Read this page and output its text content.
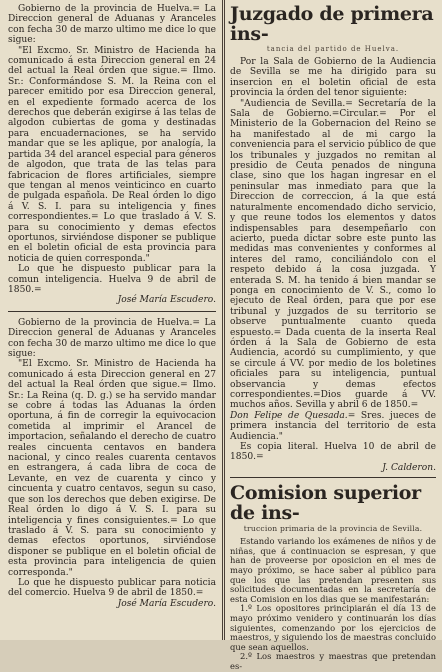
Gobierno de la provincia de Huelva.= La Direccion general de Aduanas y Aranceles con fecha 30 de marzo ultimo me dice lo que sigue:

"El Excmo. Sr. Ministro de Hacienda ha comunicado á esta Direccion general en 24 del actual la Real órden que sigue.= Ilmo. Sr.: Conformándose S. M. la Reina con el parecer emitido por esa Direccion general, en el expediente formado acerca de los derechos que deberán exigirse á las telas de algodon cubiertas de goma y destinadas para encuadernaciones, se ha servido mandar que se les aplique, por analogía, la partida 34 del arancel especial para géneros de algodon, que trata de las telas para fabricacion de flores artificiales, siempre que tengan al menos veinticinco en cuarto de pulgada española. De Real órden lo digo á V. S. I. para su inteligencia y fines correspondientes.= Lo que traslado á V. S. para su conocimiento y demas efectos oportunos, sirviéndose disponer se publique en el boletin oficial de esta provincia para noticia de quien corresponda."

Lo que he dispuesto publicar para la comun inteligencia. Huelva 9 de abril de 1850.=

José María Escudero.

Gobierno de la provincia de Huelva.= La Direccion general de Aduanas y Aranceles con fecha 30 de marzo ultimo me dice lo que sigue:

"El Excmo. Sr. Ministro de Hacienda ha comunicado á esta Direccion general en 27 del actual la Real órden que sigue.= Ilmo. Sr.: La Reina (q. D. g.) se ha servido mandar se cobre á todas las Aduanas la órden oportuna, á fin de corregir la equivocacion cometida al imprimir el Arancel de importacion, señalando el derecho de cuatro reales cincuenta centavos en bandera nacional, y cinco reales cuarenta centavos en estrangera, á cada libra de coca de Levante, en vez de cuarenta y cinco y cincuenta y cuatro centavos, segun su caso, que son los derechos que deben exigirse. De Real órden lo digo á V. S. I. para su inteligencia y fines consiguientes.= Lo que traslado á V. S. para su conocimiento y demas efectos oportunos, sirviéndose disponer se publique en el boletin oficial de esta provincia para inteligencia de quien corresponda."

Lo que he dispuesto publicar para noticia del comercio. Huelva 9 de abril de 1850.=

José María Escudero.

Juzgado de primera ins-
tancia del partido de Huelva.

Por la Sala de Gobierno de la Audiencia de Sevilla se me ha dirigido para su insercion en el boletin oficial de esta provincia la órden del tenor siguiente:

"Audiencia de Sevilla.= Secretaría de la Sala de Gobierno.=Circular.= Por el Ministerio de la Gobernacion del Reino se ha manifestado al de mi cargo la conveniencia para el servicio público de que los tribunales y juzgados no remitan al presidio de Ceuta penados de ninguna clase, sino que los hagan ingresar en el peninsular mas inmediato para que la Direccion de correccion, á la que está naturalmente encomendado dicho servicio, y que reune todos los elementos y datos indispensables para desempeñarlo con acierto, pueda dictar sobre este punto las medidas mas convenientes y conformes al interes del ramo, conciliándolo con el respeto debido á la cosa juzgada. Y enterada S. M. ha tenido á bien mandar se ponga en conocimiento de V. S., como lo ejecuto de Real órden, para que por ese tribunal y juzgados de su territorio se observe puntualmente cuanto queda espuesto.= Dada cuenta de la inserta Real órden á la Sala de Gobierno de esta Audiencia, acordó su cumplimiento, y que se circule á VV. por medio de los boletines oficiales para su inteligencia, puntual observancia y demas efectos correspondientes.=Dios guarde á VV. muchos años. Sevilla y abril 6 de 1850.=

Don Felipe de Quesada.= Sres. jueces de primera instancia del territorio de esta Audiencia."

Es copia literal. Huelva 10 de abril de 1850.=

J. Calderon.

Comision superior de ins-
truccion primaria de la provincia de Sevilla.

Estando variando los exámenes de niños y de niñas, que á continuacion se espresan, y que han de proveerse por oposicion en el mes de mayo próximo, se hace saber al público para que los que las pretendan presenten sus solicitudes documentadas en la secretaría de esta Comision en los dias que se manifestarán:

1.º Los opositores principiarán el día 13 de mayo próximo venidero y continuarán los días siguientes, comenzando por los ejercicios de maestros, y siguiendo los de maestras concluido que sean aquellos.

2.º Los maestros y maestras que pretendan es-
